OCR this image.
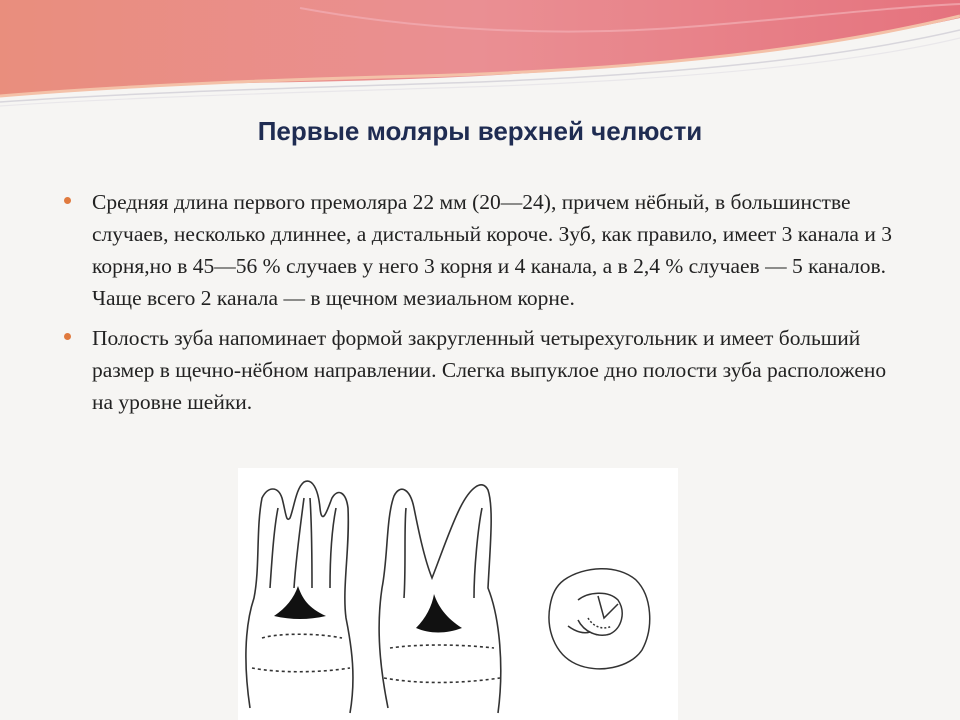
Первые моляры верхней челюсти
Средняя длина первого премоляра 22 мм (20—24), причем нёбный, в большинстве случаев, несколько длиннее, а дистальный короче. Зуб, как правило, имеет 3 канала и 3 корня,но в 45—56 % случаев у него 3 корня и 4 канала, а в 2,4 % случаев — 5 каналов. Чаще всего 2 канала — в щечном мезиальном корне.
Полость зуба напоминает формой закругленный четырехугольник и имеет больший размер в щечно-нёбном направлении. Слегка выпуклое дно полости зуба расположено на уровне шейки.
